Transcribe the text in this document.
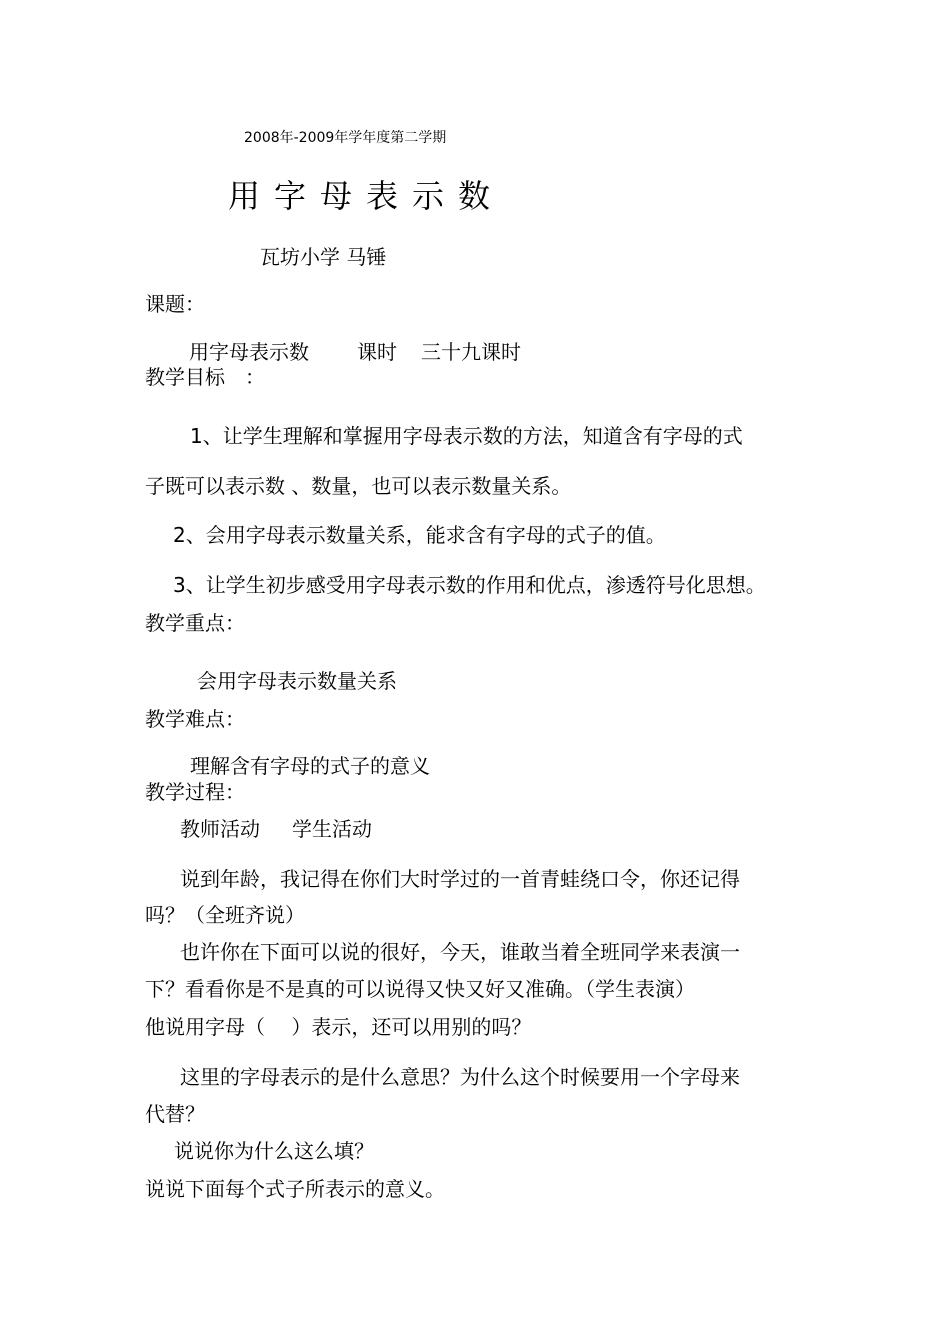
2008年-2009年学年度第二学期
用字母表示数
瓦坊小学 马锤
课题：
用字母表示数 课时 三十九课时
教学目标　：
1、让学生理解和掌握用字母表示数的方法，知道含有字母的式
子既可以表示数 、数量，也可以表示数量关系。
2、会用字母表示数量关系，能求含有字母的式子的值。
3、让学生初步感受用字母表示数的作用和优点，渗透符号化思想。
教学重点：
会用字母表示数量关系
教学难点：
理解含有字母的式子的意义
教学过程：
教师活动 学生活动
说到年龄，我记得在你们大时学过的一首青蛙绕口令，你还记得
吗？（全班齐说）
也许你在下面可以说的很好，今天，谁敢当着全班同学来表演一
下？看看你是不是真的可以说得又快又好又准确。（学生表演）
他说用字母（　 ）表示，还可以用别的吗？
这里的字母表示的是什么意思？为什么这个时候要用一个字母来
代替？
说说你为什么这么填？
说说下面每个式子所表示的意义。
